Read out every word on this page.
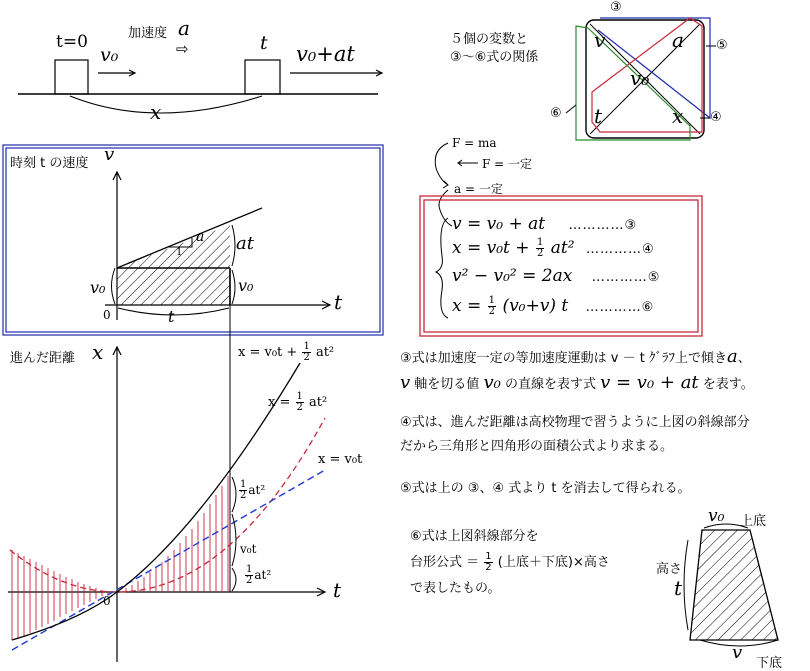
t=0	加速度 a
⇨
v₀
t v₀+at
x
時刻 t の速度 v
a
1	at
v₀	v₀
0
t
t
進んだ距離 x	$x = v_0t + \frac{1}{2} at^2$
$x = \frac{1}{2} at^2$
x = v₀t
$\frac{1}{2} at^2$
v₀t
$\frac{1}{2} at^2$
0	t
５個の変数と
③～⑥式の関係
v	a
v₀
t	x
③
⑤
⑥	④
F = ma
F = 一定
a = 一定
v = v₀ + at …………③
$x = v_0t + \frac{1}{2} at^2$ …………④
v² − v₀² = 2ax …………⑤
$x = \frac{1}{2} (v_0+v)$ t …………⑥
③式は加速度一定の等加速度運動は v － t ｸﾞﾗﾌ上で傾きa、
v 軸を切る値 v₀ の直線を表す式 v = v₀ + at を表す。
④式は、進んだ距離は高校物理で習うように上図の斜線部分
だから三角形と四角形の面積公式より求まる。
⑤式は上の ③、④ 式より t を消去して得られる。
⑥式は上図斜線部分を
台形公式 ＝ $\frac{1}{2}$ (上底＋下底)×高さ
で表したもの。
v₀ 上底
高さ
t
v
下底
